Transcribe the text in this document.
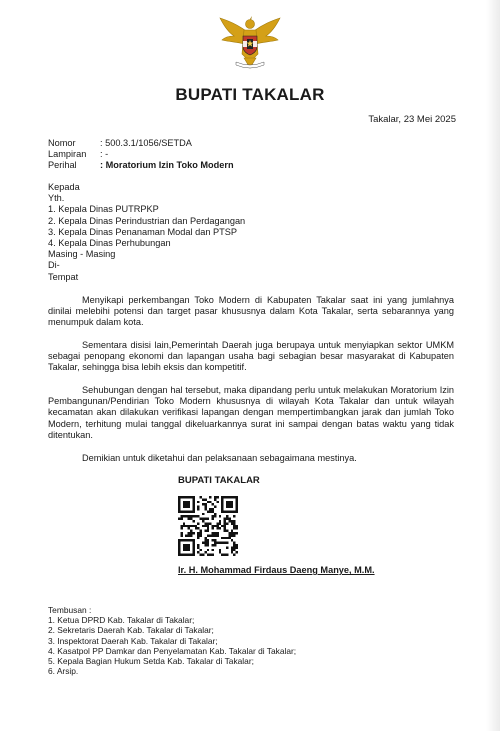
BUPATI TAKALAR
Takalar, 23 Mei 2025
Nomor	: 500.3.1/1056/SETDA
Lampiran	: -
Perihal	: Moratorium Izin Toko Modern
Kepada
Yth.
1. Kepala Dinas PUTRPKP
2. Kepala Dinas Perindustrian dan Perdagangan
3. Kepala Dinas Penanaman Modal dan PTSP
4. Kepala Dinas Perhubungan
Masing - Masing
Di-
Tempat
Menyikapi perkembangan Toko Modern di Kabupaten Takalar saat ini yang jumlahnya dinilai melebihi potensi dan target pasar khususnya dalam Kota Takalar, serta sebarannya yang menumpuk dalam kota.
Sementara disisi lain,Pemerintah Daerah juga berupaya untuk menyiapkan sektor UMKM sebagai penopang ekonomi dan lapangan usaha bagi sebagian besar masyarakat di Kabupaten Takalar, sehingga bisa lebih eksis dan kompetitif.
Sehubungan dengan hal tersebut, maka dipandang perlu untuk melakukan Moratorium Izin Pembangunan/Pendirian Toko Modern khususnya di wilayah Kota Takalar dan untuk wilayah kecamatan akan dilakukan verifikasi lapangan dengan mempertimbangkan jarak dan jumlah Toko Modern, terhitung mulai tanggal dikeluarkannya surat ini sampai dengan batas waktu yang tidak ditentukan.
Demikian untuk diketahui dan pelaksanaan sebagaimana mestinya.
BUPATI TAKALAR
Ir. H. Mohammad Firdaus Daeng Manye, M.M.
Tembusan :
1. Ketua DPRD Kab. Takalar di Takalar;
2. Sekretaris Daerah Kab. Takalar di Takalar;
3. Inspektorat Daerah Kab. Takalar di Takalar;
4. Kasatpol PP Damkar dan Penyelamatan Kab. Takalar di Takalar;
5. Kepala Bagian Hukum Setda Kab. Takalar di Takalar;
6. Arsip.
